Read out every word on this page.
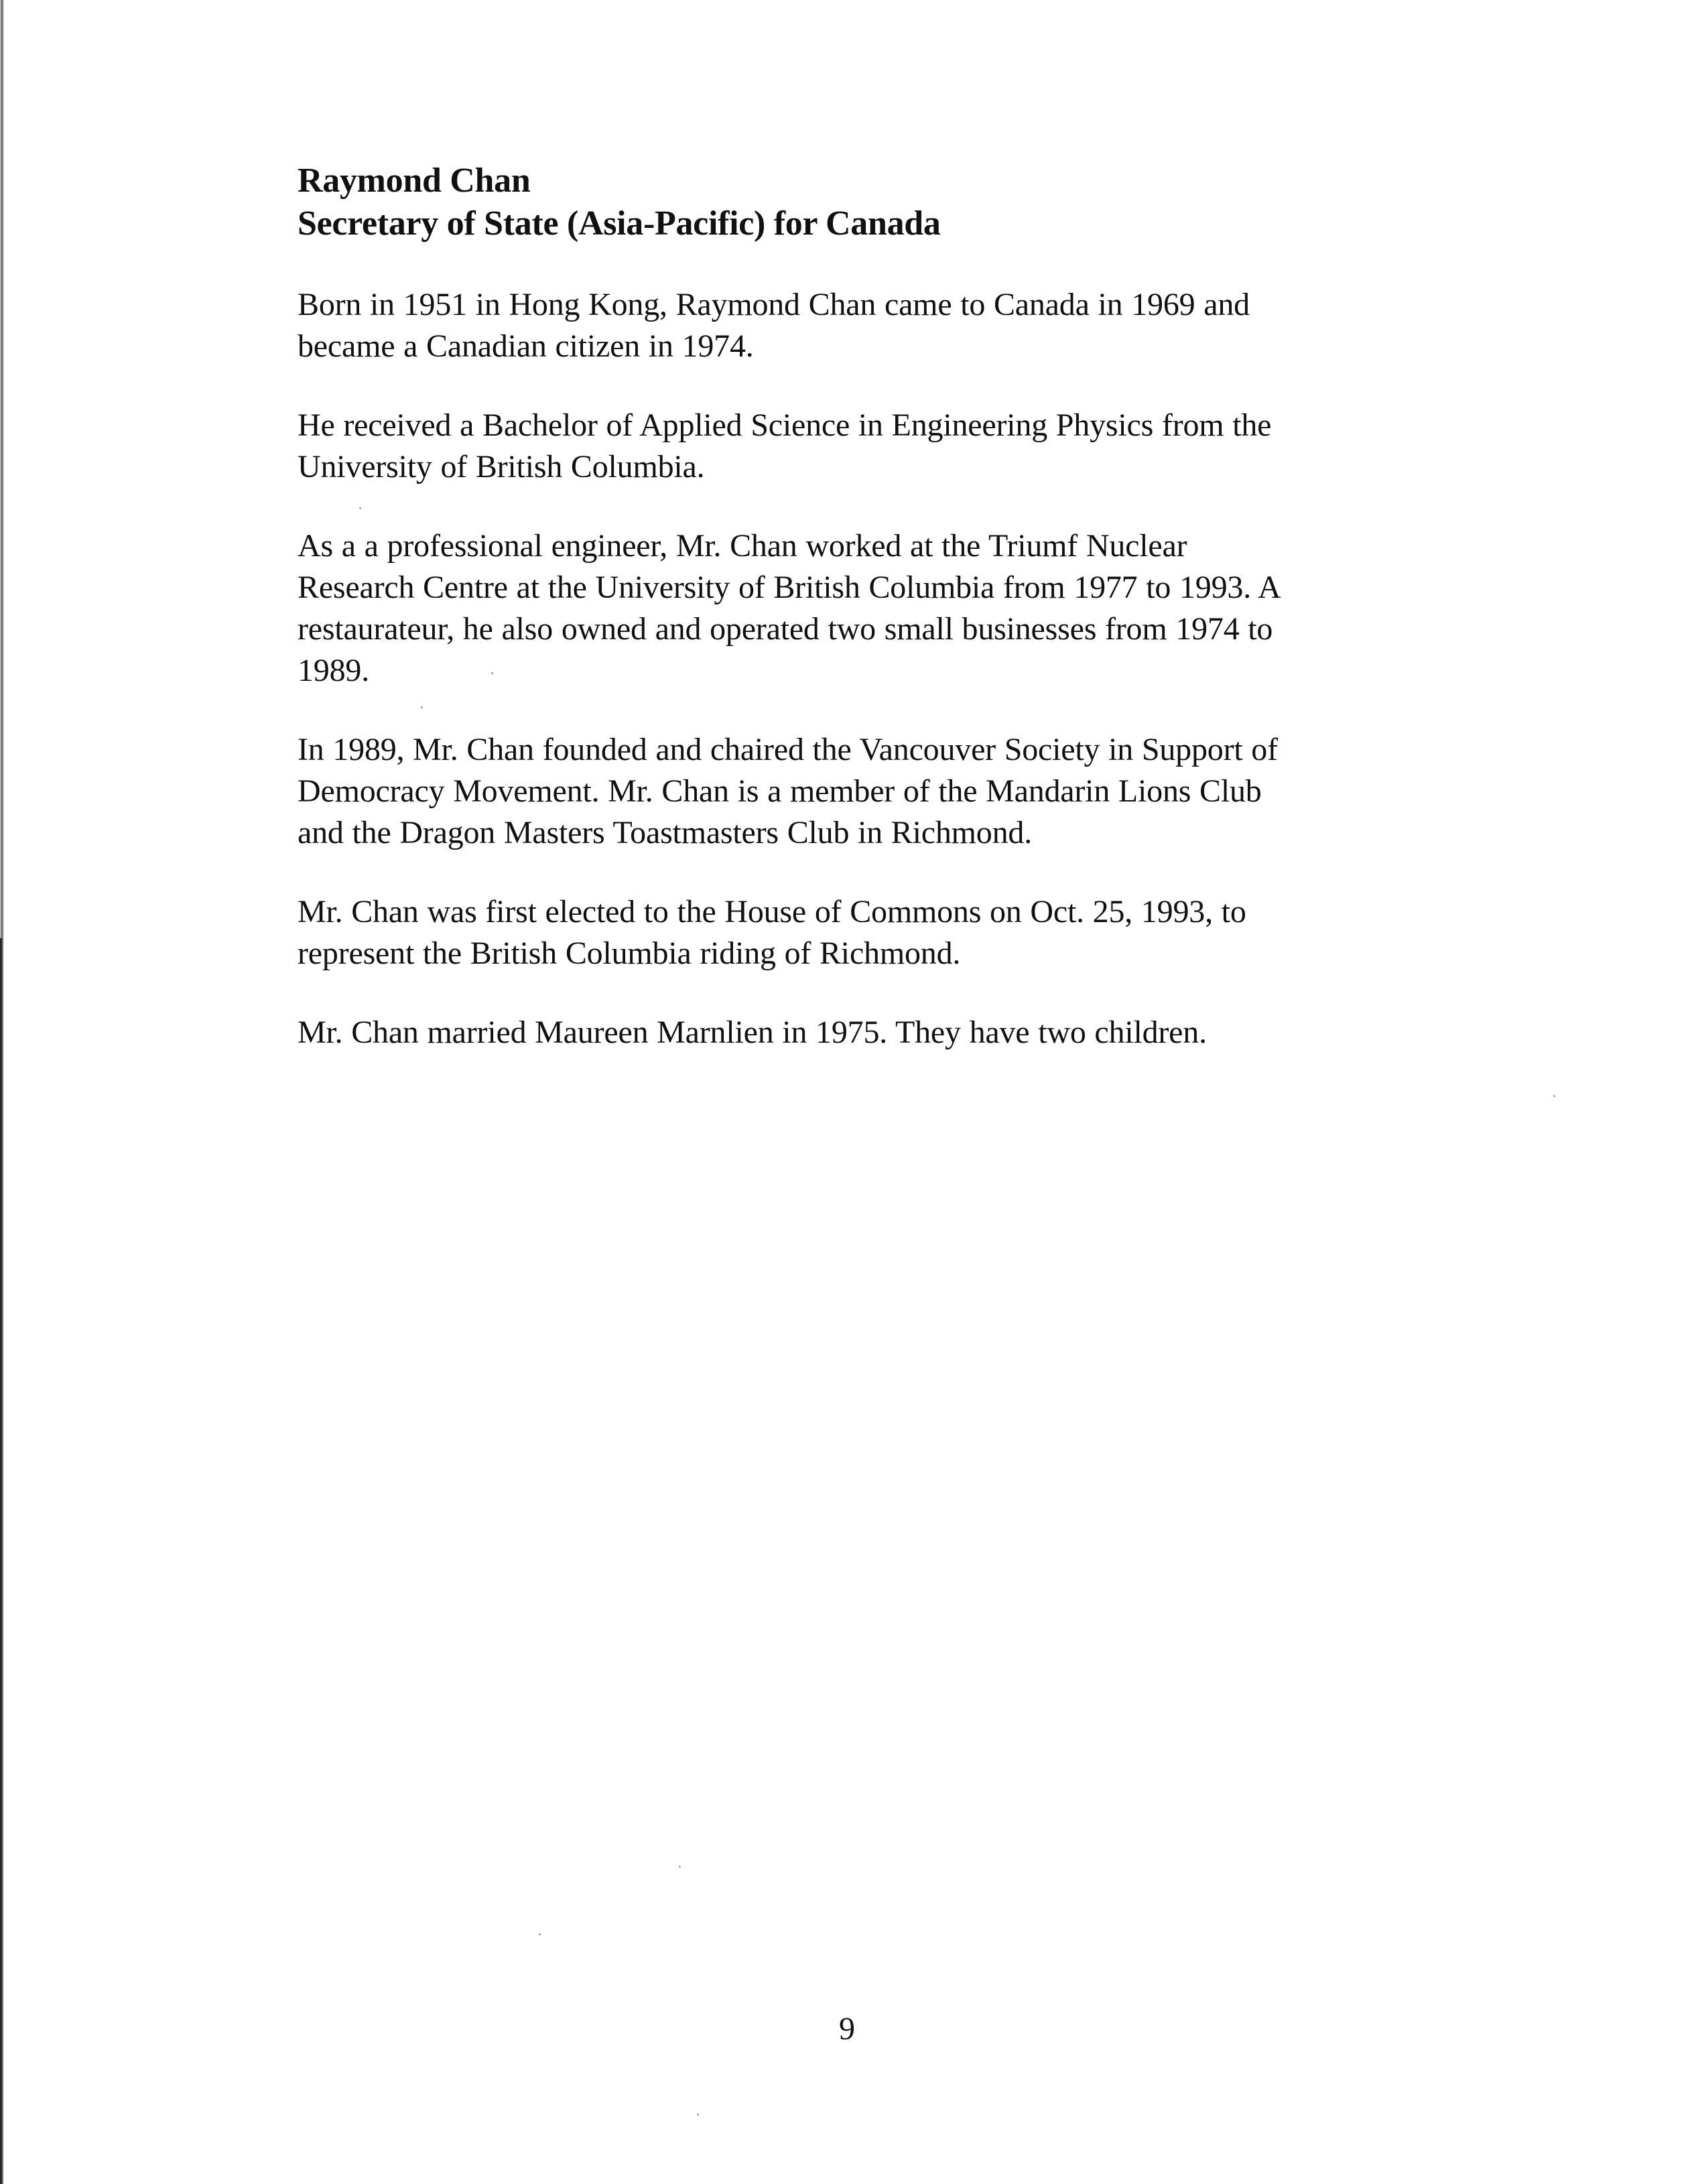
Raymond Chan
Secretary of State (Asia-Pacific) for Canada
Born in 1951 in Hong Kong, Raymond Chan came to Canada in 1969 and
became a Canadian citizen in 1974.
He received a Bachelor of Applied Science in Engineering Physics from the
University of British Columbia.
As a a professional engineer, Mr. Chan worked at the Triumf Nuclear
Research Centre at the University of British Columbia from 1977 to 1993. A
restaurateur, he also owned and operated two small businesses from 1974 to
1989.
In 1989, Mr. Chan founded and chaired the Vancouver Society in Support of
Democracy Movement. Mr. Chan is a member of the Mandarin Lions Club
and the Dragon Masters Toastmasters Club in Richmond.
Mr. Chan was first elected to the House of Commons on Oct. 25, 1993, to
represent the British Columbia riding of Richmond.
Mr. Chan married Maureen Marnlien in 1975. They have two children.
9
